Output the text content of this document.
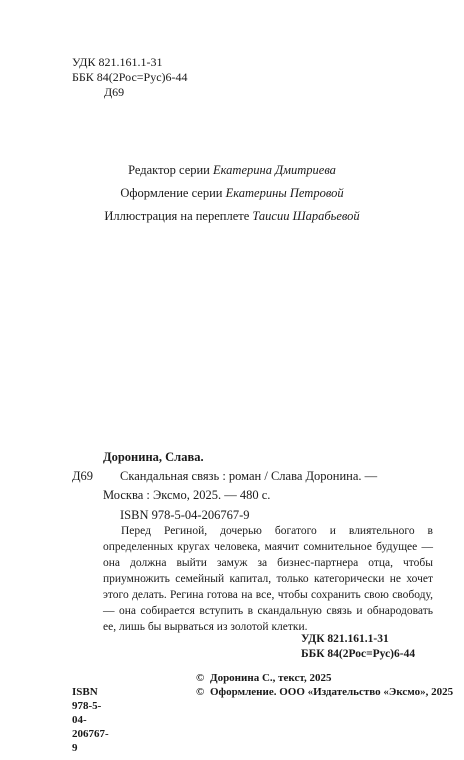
УДК 821.161.1-31
ББК 84(2Рос=Рус)6-44
Д69
Редактор серии Екатерина Дмитриева
Оформление серии Екатерины Петровой
Иллюстрация на переплете Таисии Шарабьевой
Доронина, Слава.
Д69 Скандальная связь : роман / Слава Доронина. —
Москва : Эксмо, 2025. — 480 с.
ISBN 978-5-04-206767-9

Перед Региной, дочерью богатого и влиятельного в определенных кругах человека, маячит сомнительное будущее — она должна выйти замуж за бизнес-партнера отца, чтобы приумножить семейный капитал, только категорически не хочет этого делать. Регина готова на все, чтобы сохранить свою свободу, — она собирается вступить в скандальную связь и обнародовать ее, лишь бы вырваться из золотой клетки.

УДК 821.161.1-31
ББК 84(2Рос=Рус)6-44
© Доронина С., текст, 2025
ISBN 978-5-04-206767-9
© Оформление. ООО «Издательство «Эксмо», 2025
